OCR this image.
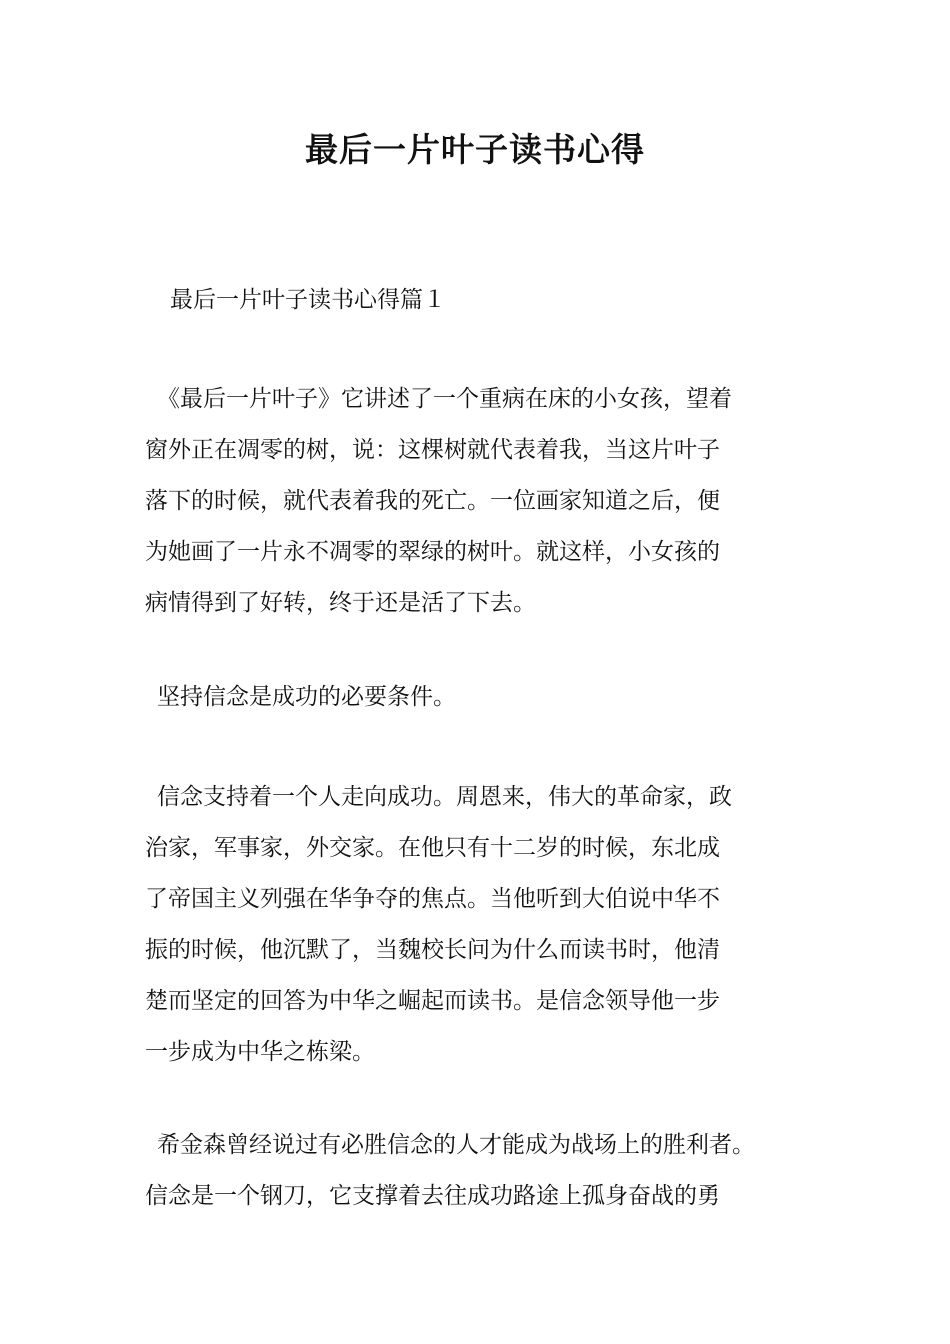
最后一片叶子读书心得
最后一片叶子读书心得篇１
《最后一片叶子》它讲述了一个重病在床的小女孩，望着
窗外正在凋零的树，说：这棵树就代表着我，当这片叶子
落下的时候，就代表着我的死亡。一位画家知道之后，便
为她画了一片永不凋零的翠绿的树叶。就这样，小女孩的
病情得到了好转，终于还是活了下去。
坚持信念是成功的必要条件。
信念支持着一个人走向成功。周恩来，伟大的革命家，政
治家，军事家，外交家。在他只有十二岁的时候，东北成
了帝国主义列强在华争夺的焦点。当他听到大伯说中华不
振的时候，他沉默了，当魏校长问为什么而读书时，他清
楚而坚定的回答为中华之崛起而读书。是信念领导他一步
一步成为中华之栋梁。
希金森曾经说过有必胜信念的人才能成为战场上的胜利者。
信念是一个钢刀，它支撑着去往成功路途上孤身奋战的勇
